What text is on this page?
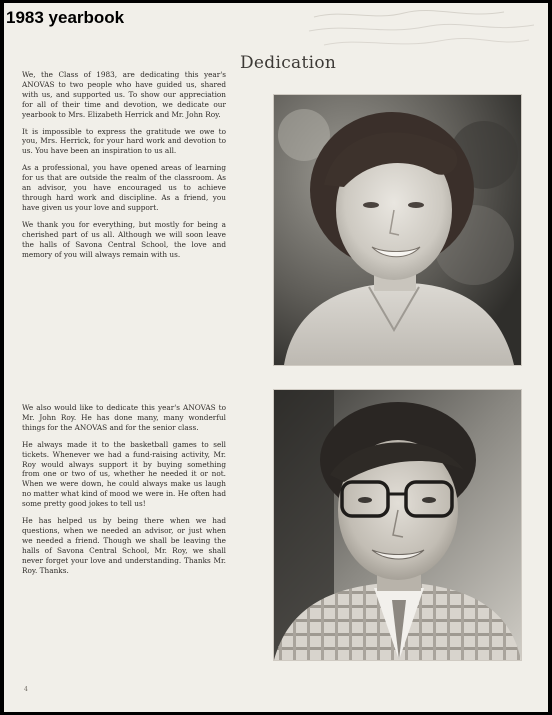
Dedication

We, the Class of 1983, are dedicating this year's ANOVAS to two people who have guided us, shared with us, and supported us. To show our appreciation for all of their time and devotion, we dedicate our yearbook to Mrs. Elizabeth Herrick and Mr. John Roy.

It is impossible to express the gratitude we owe to you, Mrs. Herrick, for your hard work and devotion to us. You have been an inspiration to us all.

As a professional, you have opened areas of learning for us that are outside the realm of the classroom. As an advisor, you have encouraged us to achieve through hard work and discipline. As a friend, you have given us your love and support.

We thank you for everything, but mostly for being a cherished part of us all. Although we will soon leave the halls of Savona Central School, the love and memory of you will always remain with us.

We also would like to dedicate this year's ANOVAS to Mr. John Roy. He has done many, many wonderful things for the ANOVAS and for the senior class.

He always made it to the basketball games to sell tickets. Whenever we had a fund-raising activity, Mr. Roy would always support it by buying something from one or two of us, whether he needed it or not. When we were down, he could always make us laugh no matter what kind of mood we were in. He often had some pretty good jokes to tell us!

He has helped us by being there when we had questions, when we needed an advisor, or just when we needed a friend. Though we shall be leaving the halls of Savona Central School, Mr. Roy, we shall never forget your love and understanding. Thanks Mr. Roy. Thanks.

4
1983 yearbook
